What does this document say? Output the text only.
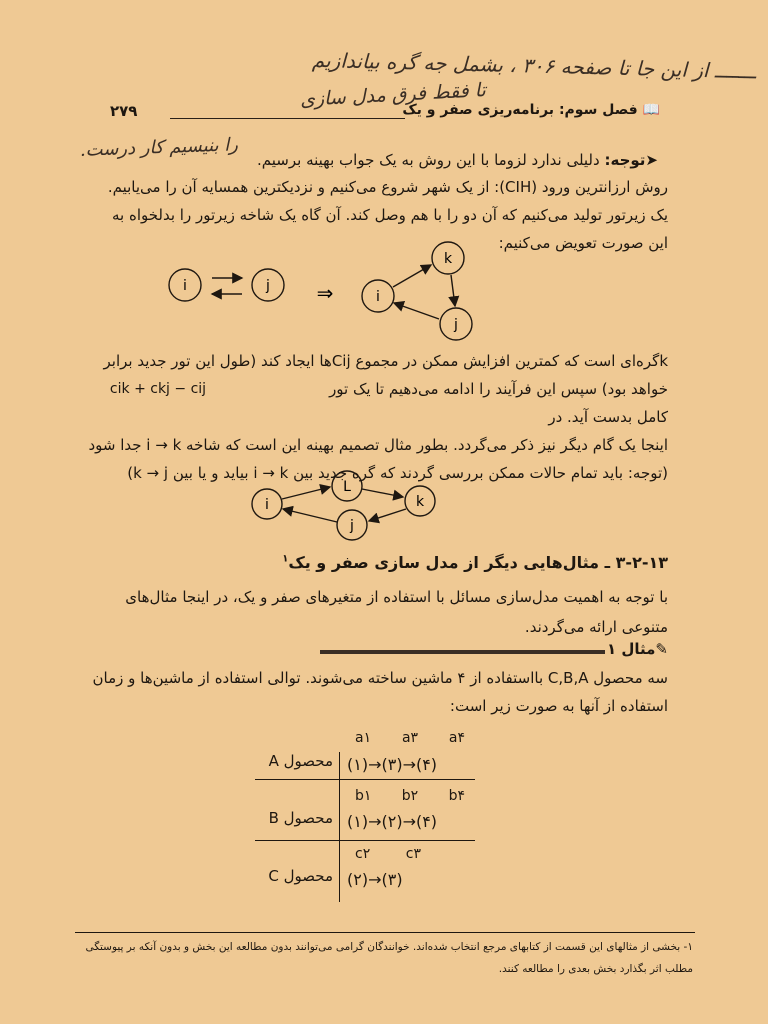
ـــــــ از این جا تا صفحه ۳۰۶ ، بشمل جه گره بیاندازیم
تا فقط فرق مدل سازی
را بنیسیم کار درست.
۲۷۹	📖 فصل سوم: برنامه‌ریزی صفر و یک
➤توجه: دلیلی ندارد لزوما با این روش به یک جواب بهینه برسیم.
روش ارزانترین ورود (CIH): از یک شهر شروع می‌کنیم و نزدیکترین همسایه آن را می‌یابیم.
یک زیرتور تولید می‌کنیم که آن دو را با هم وصل کند. آن گاه یک شاخه زیرتور را بدلخواه به
این صورت تعویض می‌کنیم:
i	j ⇒
k
i
j
kگره‌ای است که کمترین افزایش ممکن در مجموع Cijها ایجاد کند (طول این تور جدید برابر
خواهد بود) سپس این فرآیند را ادامه می‌دهیم تا یک تور کامل بدست آید. در
cik + ckj − cij
اینجا یک گام دیگر نیز ذکر می‌گردد. بطور مثال تصمیم بهینه این است که شاخه i → k جدا شود
(توجه: باید تمام حالات ممکن بررسی گردند که گره جدید بین i → k بیاید و یا بین k → j)
L
i	k
j
۳-۲-۱۳ ـ مثال‌هایی دیگر از مدل سازی صفر و یک$^۱$
با توجه به اهمیت مدل‌سازی مسائل با استفاده از متغیرهای صفر و یک، در اینجا مثال‌های
متنوعی ارائه می‌گردند.
✎مثال ۱
سه محصول C,B,A بااستفاده از ۴ ماشین ساخته می‌شوند. توالی استفاده از ماشین‌ها و زمان
استفاده از آنها به صورت زیر است:
a۱ a۳ a۴
محصول A (۱)→(۳)→(۴)
b۱ b۲ b۴
محصول B (۱)→(۲)→(۴)
c۲	c۳
محصول C (۲)→(۳)
۱- بخشی از مثالهای این قسمت از کتابهای مرجع انتخاب شده‌اند. خوانندگان گرامی می‌توانند بدون مطالعه این بخش و بدون آنکه بر پیوستگی
مطلب اثر بگذارد بخش بعدی را مطالعه کنند.
